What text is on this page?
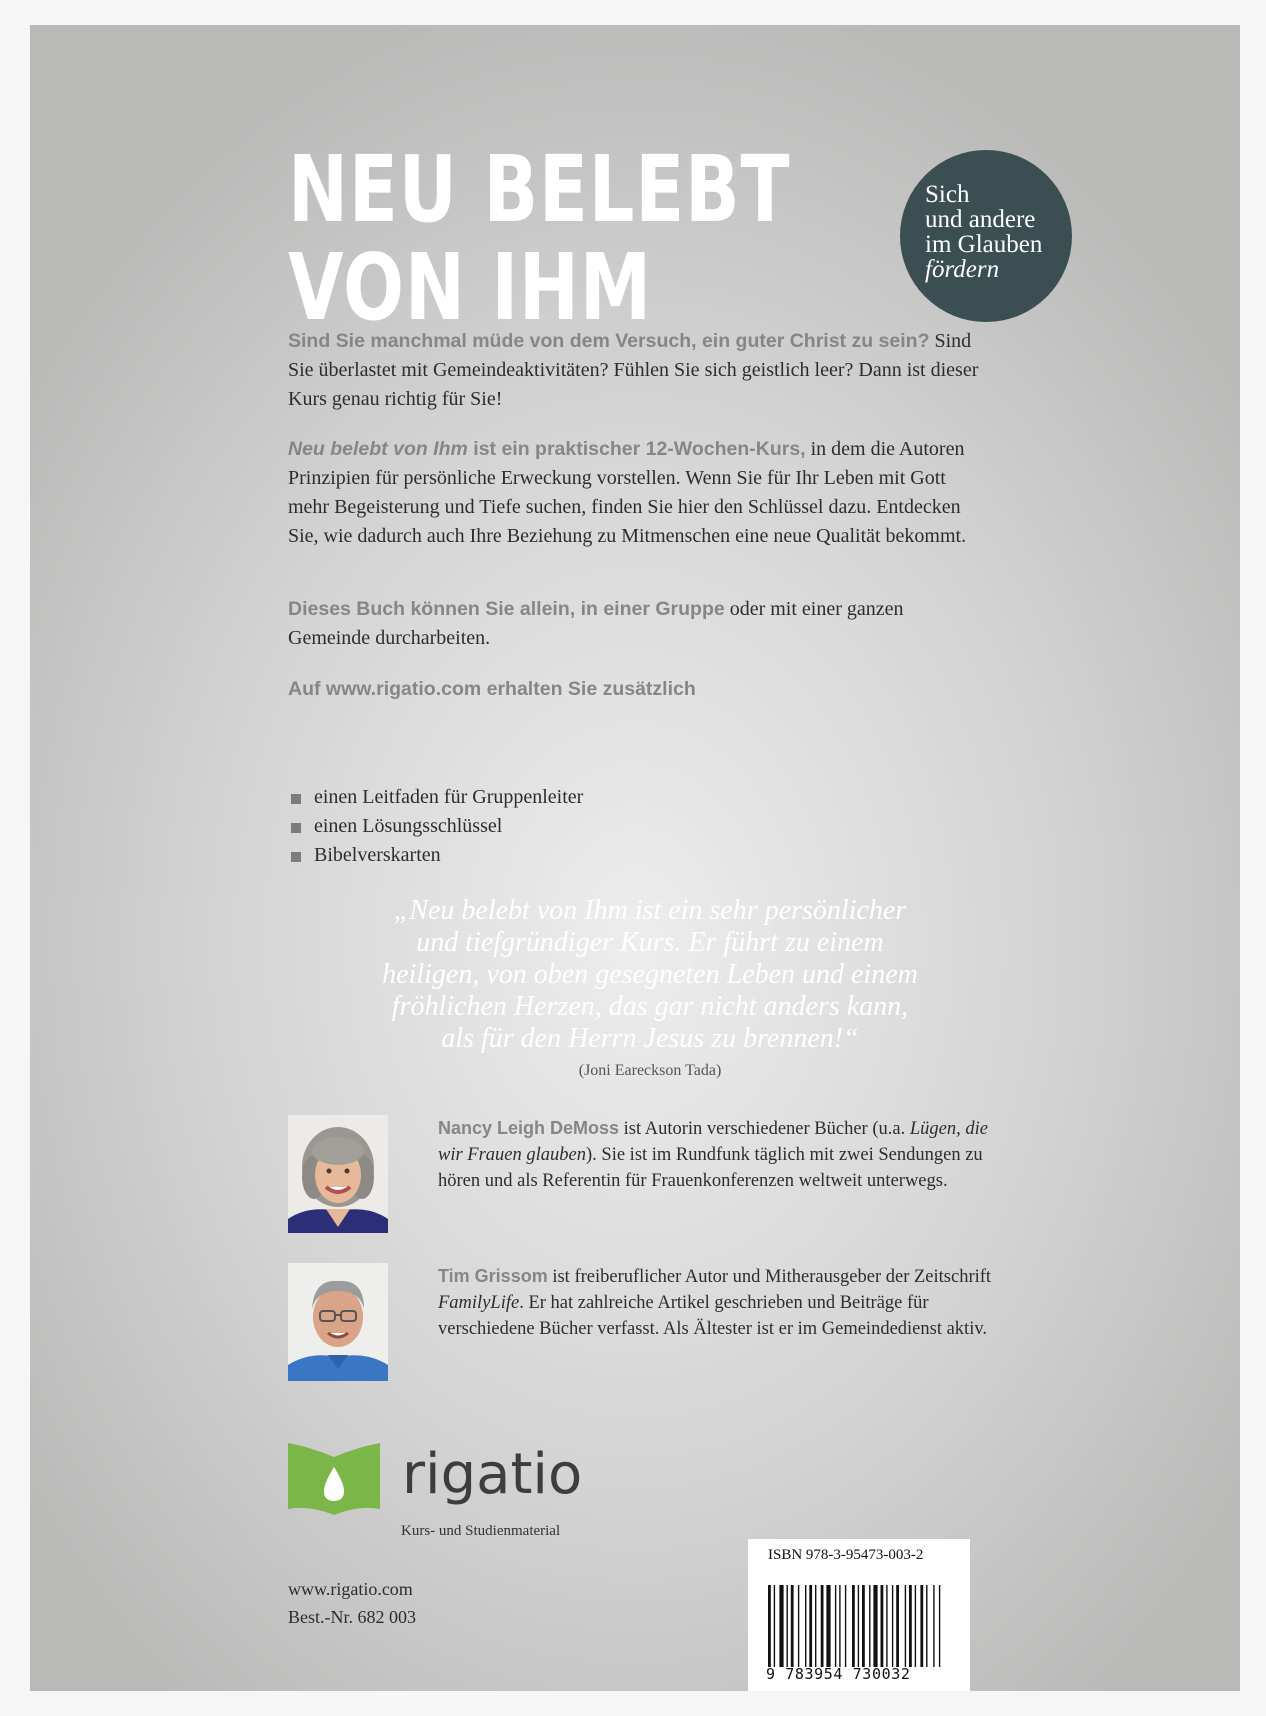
NEU BELEBT
VON IHM
Sich
und andere
im Glauben
fördern

Sind Sie manchmal müde von dem Versuch, ein guter Christ zu sein? Sind Sie überlastet mit Gemeindeaktivitäten? Fühlen Sie sich geistlich leer? Dann ist dieser Kurs genau richtig für Sie!

Neu belebt von Ihm ist ein praktischer 12-Wochen-Kurs, in dem die Autoren Prinzipien für persönliche Erweckung vorstellen. Wenn Sie für Ihr Leben mit Gott mehr Begeisterung und Tiefe suchen, finden Sie hier den Schlüssel dazu. Entdecken Sie, wie dadurch auch Ihre Beziehung zu Mitmenschen eine neue Qualität bekommt.

Dieses Buch können Sie allein, in einer Gruppe oder mit einer ganzen Gemeinde durcharbeiten.

Auf www.rigatio.com erhalten Sie zusätzlich

einen Leitfaden für Gruppenleiter
einen Lösungsschlüssel
Bibelverskarten

„Neu belebt von Ihm ist ein sehr persönlicher
und tiefgründiger Kurs. Er führt zu einem
heiligen, von oben gesegneten Leben und einem
fröhlichen Herzen, das gar nicht anders kann,
als für den Herrn Jesus zu brennen!“

(Joni Eareckson Tada)

Nancy Leigh DeMoss ist Autorin verschiedener Bücher (u.a. Lügen, die wir Frauen glauben). Sie ist im Rundfunk täglich mit zwei Sendungen zu hören und als Referentin für Frauenkonferenzen weltweit unterwegs.

Tim Grissom ist freiberuflicher Autor und Mitherausgeber der Zeitschrift FamilyLife. Er hat zahlreiche Artikel geschrieben und Beiträge für verschiedene Bücher verfasst. Als Ältester ist er im Gemeindedienst aktiv.

rigatio

Kurs- und Studienmaterial

www.rigatio.com

Best.-Nr. 682 003

ISBN 978-3-95473-003-2

9 783954 730032
